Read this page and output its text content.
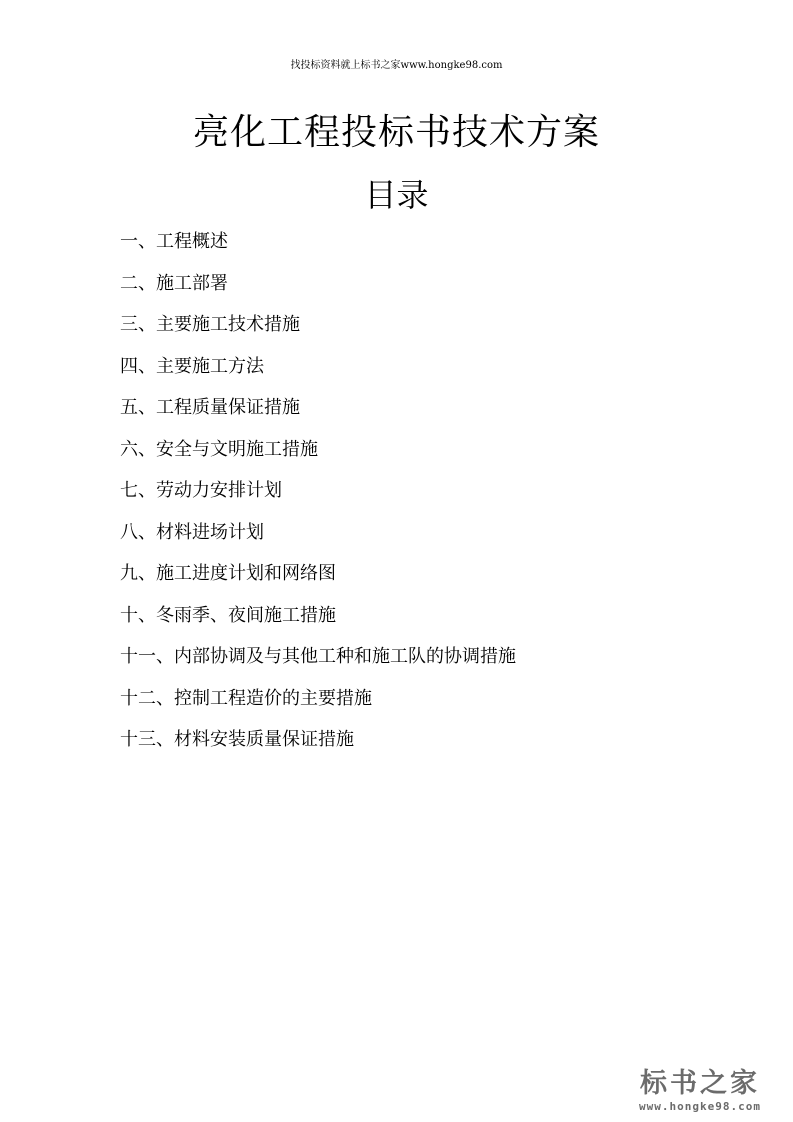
找投标资料就上标书之家www.hongke98.com
亮化工程投标书技术方案
目录
一、工程概述
二、施工部署
三、主要施工技术措施
四、主要施工方法
五、工程质量保证措施
六、安全与文明施工措施
七、劳动力安排计划
八、材料进场计划
九、施工进度计划和网络图
十、冬雨季、夜间施工措施
十一、内部协调及与其他工种和施工队的协调措施
十二、控制工程造价的主要措施
十三、材料安装质量保证措施
标书之家
www.hongke98.com
